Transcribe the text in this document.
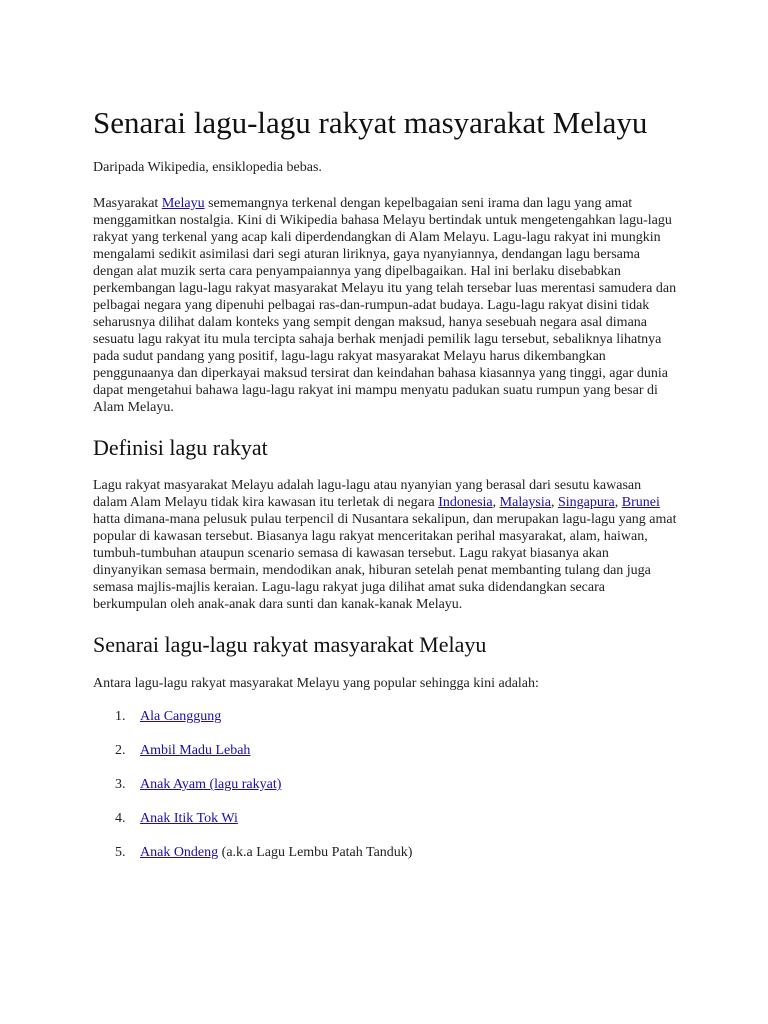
Senarai lagu-lagu rakyat masyarakat Melayu

Daripada Wikipedia, ensiklopedia bebas.

Masyarakat Melayu sememangnya terkenal dengan kepelbagaian seni irama dan lagu yang amat menggamitkan nostalgia. Kini di Wikipedia bahasa Melayu bertindak untuk mengetengahkan lagu-lagu rakyat yang terkenal yang acap kali diperdendangkan di Alam Melayu. Lagu-lagu rakyat ini mungkin mengalami sedikit asimilasi dari segi aturan liriknya, gaya nyanyiannya, dendangan lagu bersama dengan alat muzik serta cara penyampaiannya yang dipelbagaikan. Hal ini berlaku disebabkan perkembangan lagu-lagu rakyat masyarakat Melayu itu yang telah tersebar luas merentasi samudera dan pelbagai negara yang dipenuhi pelbagai ras-dan-rumpun-adat budaya. Lagu-lagu rakyat disini tidak seharusnya dilihat dalam konteks yang sempit dengan maksud, hanya sesebuah negara asal dimana sesuatu lagu rakyat itu mula tercipta sahaja berhak menjadi pemilik lagu tersebut, sebaliknya lihatnya pada sudut pandang yang positif, lagu-lagu rakyat masyarakat Melayu harus dikembangkan penggunaanya dan diperkayai maksud tersirat dan keindahan bahasa kiasannya yang tinggi, agar dunia dapat mengetahui bahawa lagu-lagu rakyat ini mampu menyatu padukan suatu rumpun yang besar di Alam Melayu.

Definisi lagu rakyat

Lagu rakyat masyarakat Melayu adalah lagu-lagu atau nyanyian yang berasal dari sesutu kawasan dalam Alam Melayu tidak kira kawasan itu terletak di negara Indonesia, Malaysia, Singapura, Brunei hatta dimana-mana pelusuk pulau terpencil di Nusantara sekalipun, dan merupakan lagu-lagu yang amat popular di kawasan tersebut. Biasanya lagu rakyat menceritakan perihal masyarakat, alam, haiwan, tumbuh-tumbuhan ataupun scenario semasa di kawasan tersebut. Lagu rakyat biasanya akan dinyanyikan semasa bermain, mendodikan anak, hiburan setelah penat membanting tulang dan juga semasa majlis-majlis keraian. Lagu-lagu rakyat juga dilihat amat suka didendangkan secara berkumpulan oleh anak-anak dara sunti dan kanak-kanak Melayu.

Senarai lagu-lagu rakyat masyarakat Melayu

Antara lagu-lagu rakyat masyarakat Melayu yang popular sehingga kini adalah:

1.	Ala Canggung
2.	Ambil Madu Lebah
3.	Anak Ayam (lagu rakyat)
4.	Anak Itik Tok Wi
5.	Anak Ondeng (a.k.a Lagu Lembu Patah Tanduk)
